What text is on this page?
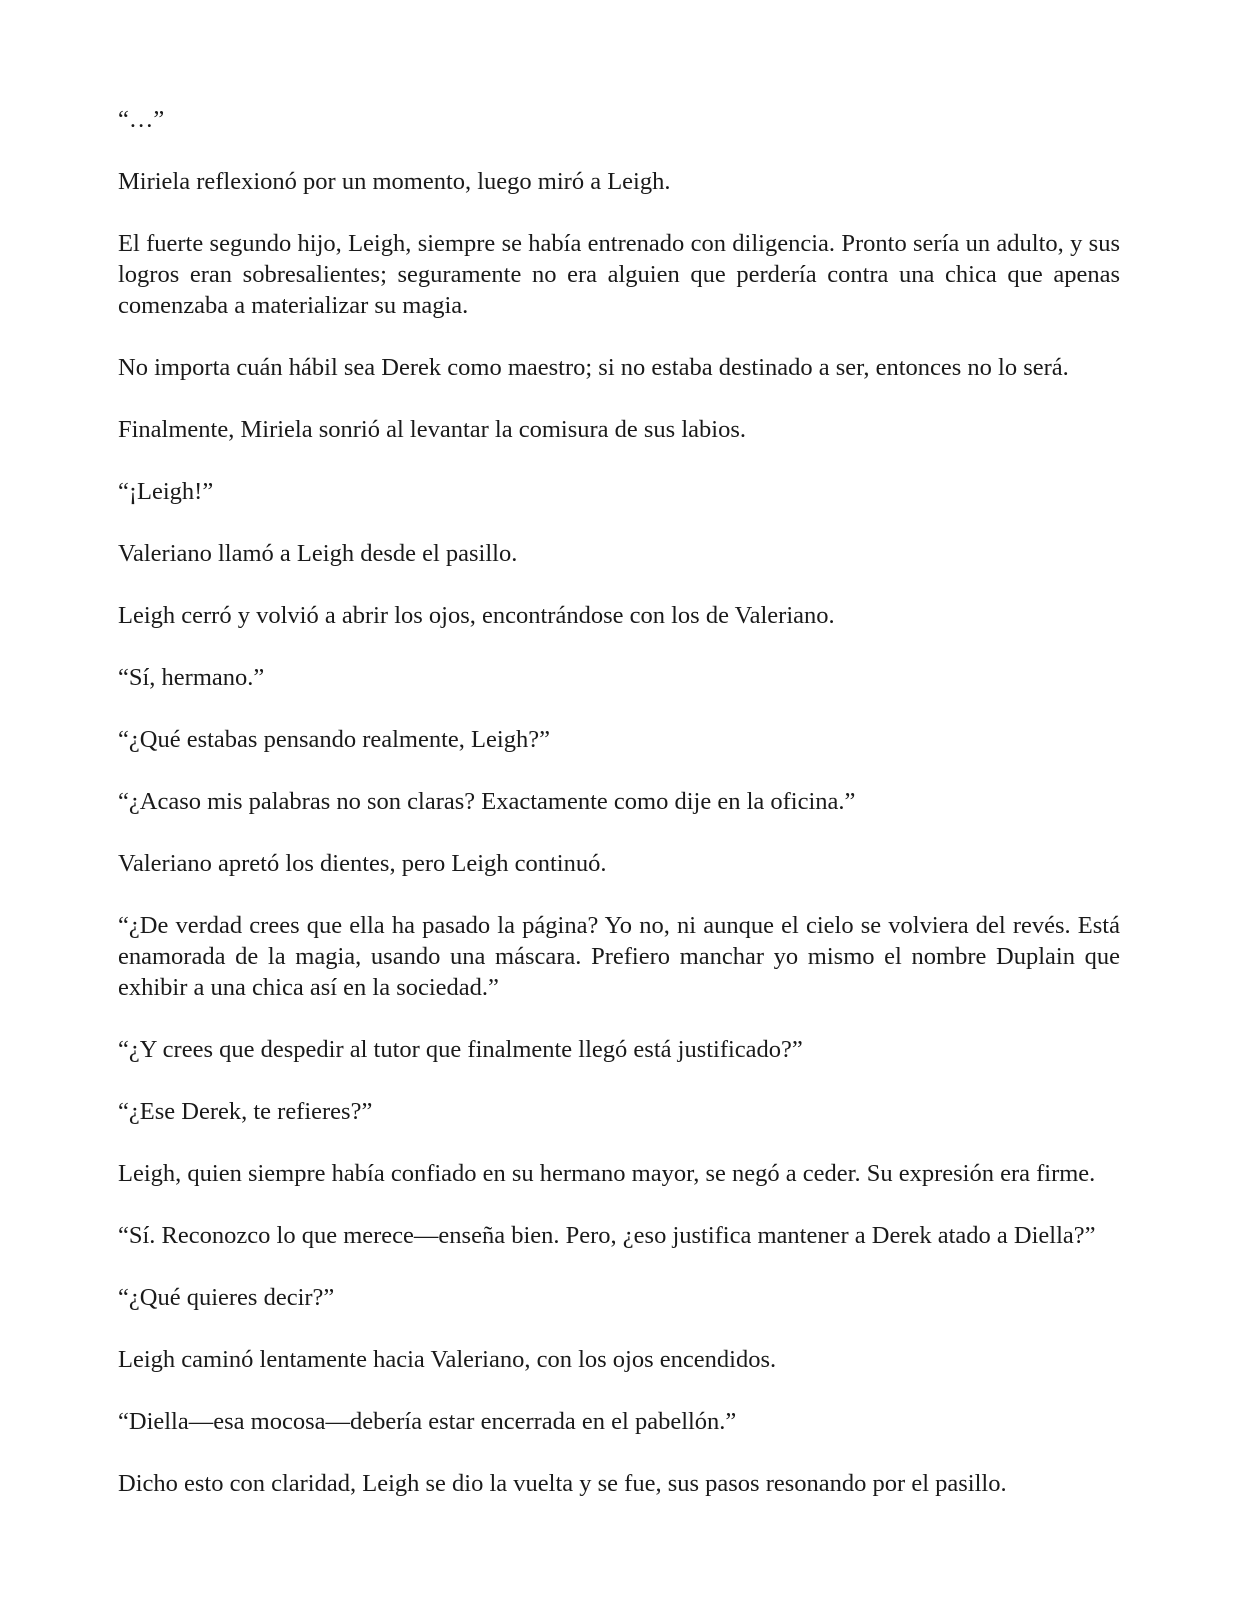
“…”

Miriela reflexionó por un momento, luego miró a Leigh.

El fuerte segundo hijo, Leigh, siempre se había entrenado con diligencia. Pronto sería un adulto, y sus logros eran sobresalientes; seguramente no era alguien que perdería contra una chica que apenas comenzaba a materializar su magia.

No importa cuán hábil sea Derek como maestro; si no estaba destinado a ser, entonces no lo será.

Finalmente, Miriela sonrió al levantar la comisura de sus labios.

“¡Leigh!”

Valeriano llamó a Leigh desde el pasillo.

Leigh cerró y volvió a abrir los ojos, encontrándose con los de Valeriano.

“Sí, hermano.”

“¿Qué estabas pensando realmente, Leigh?”

“¿Acaso mis palabras no son claras? Exactamente como dije en la oficina.”

Valeriano apretó los dientes, pero Leigh continuó.

“¿De verdad crees que ella ha pasado la página? Yo no, ni aunque el cielo se volviera del revés. Está enamorada de la magia, usando una máscara. Prefiero manchar yo mismo el nombre Duplain que exhibir a una chica así en la sociedad.”

“¿Y crees que despedir al tutor que finalmente llegó está justificado?”

“¿Ese Derek, te refieres?”

Leigh, quien siempre había confiado en su hermano mayor, se negó a ceder. Su expresión era firme.

“Sí. Reconozco lo que merece—enseña bien. Pero, ¿eso justifica mantener a Derek atado a Diella?”

“¿Qué quieres decir?”

Leigh caminó lentamente hacia Valeriano, con los ojos encendidos.

“Diella—esa mocosa—debería estar encerrada en el pabellón.”

Dicho esto con claridad, Leigh se dio la vuelta y se fue, sus pasos resonando por el pasillo.
